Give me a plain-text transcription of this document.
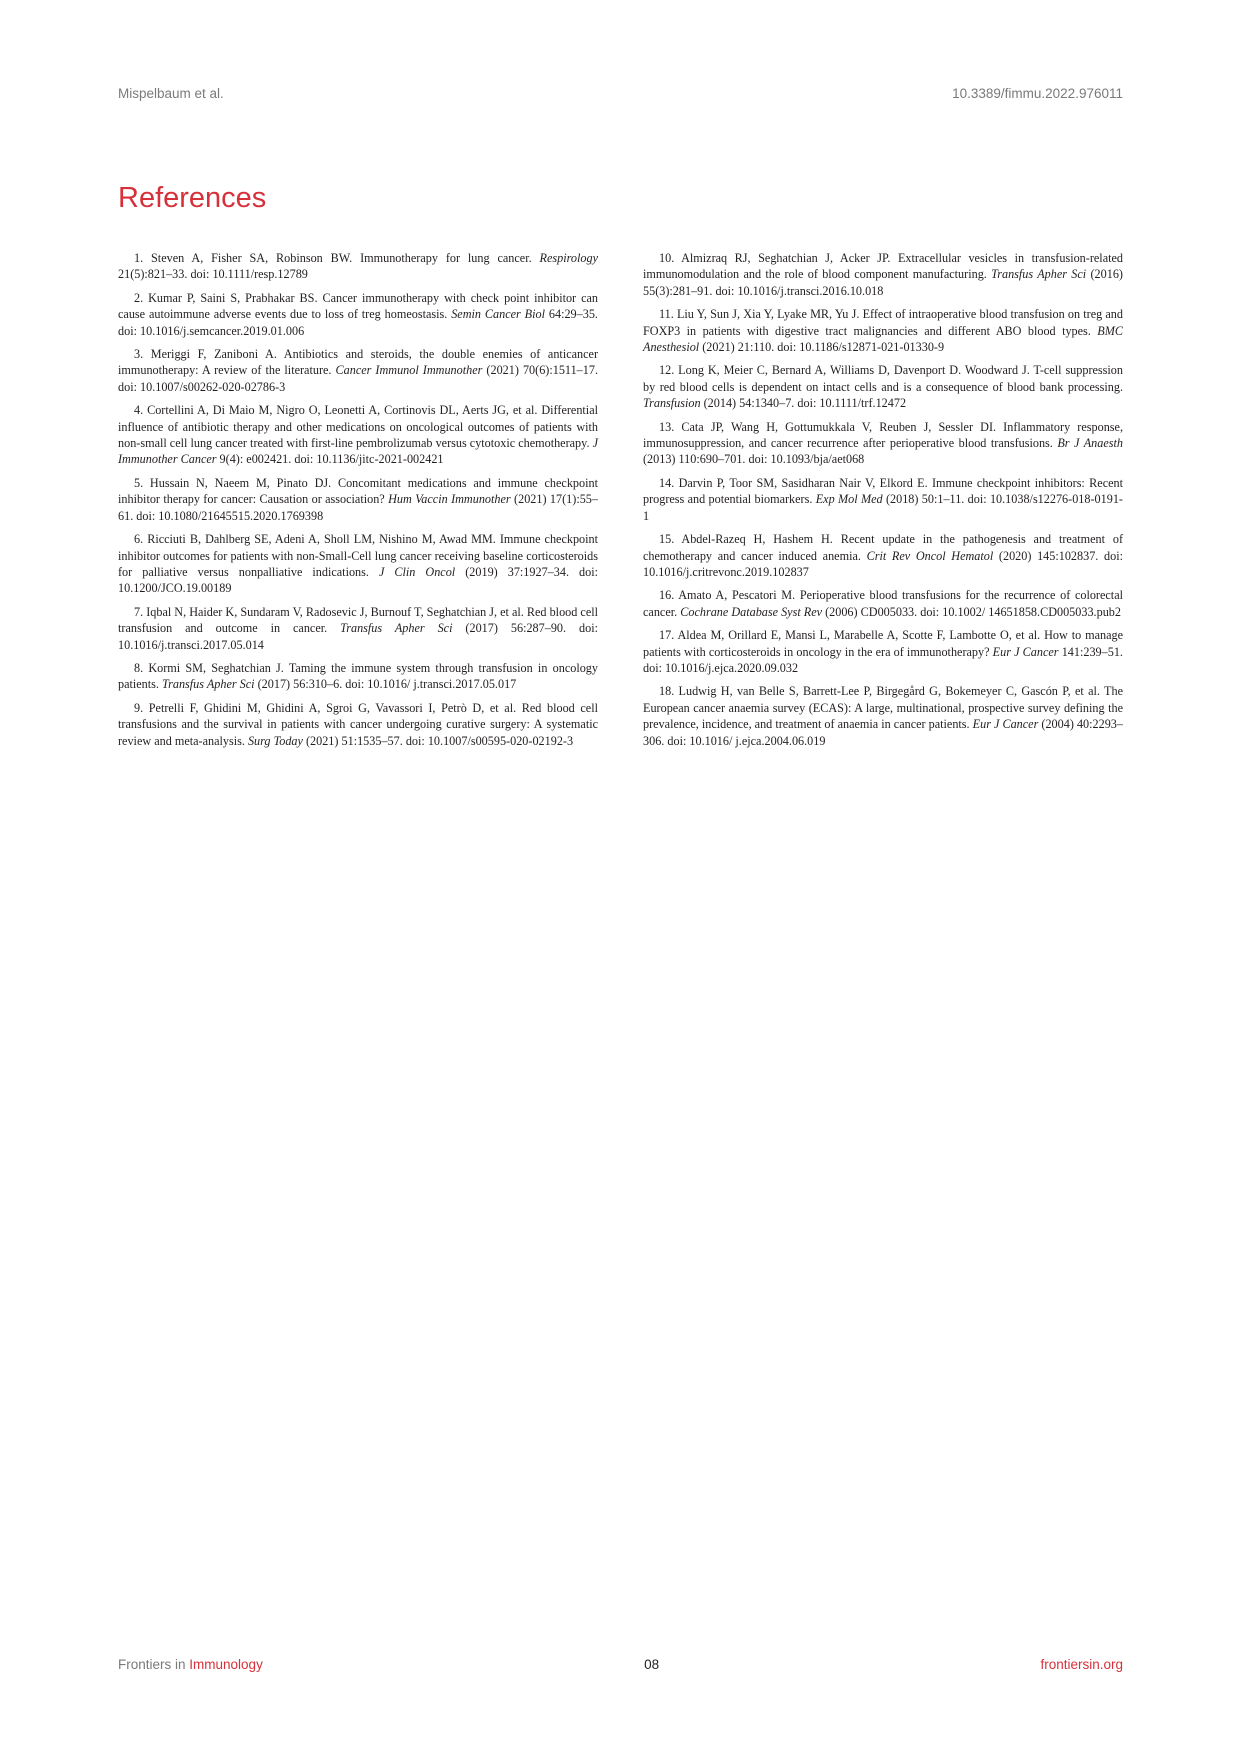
Mispelbaum et al.	10.3389/fimmu.2022.976011
References

1. Steven A, Fisher SA, Robinson BW. Immunotherapy for lung cancer. Respirology 21(5):821–33. doi: 10.1111/resp.12789

2. Kumar P, Saini S, Prabhakar BS. Cancer immunotherapy with check point inhibitor can cause autoimmune adverse events due to loss of treg homeostasis. Semin Cancer Biol 64:29–35. doi: 10.1016/j.semcancer.2019.01.006

3. Meriggi F, Zaniboni A. Antibiotics and steroids, the double enemies of anticancer immunotherapy: A review of the literature. Cancer Immunol Immunother (2021) 70(6):1511–17. doi: 10.1007/s00262-020-02786-3

4. Cortellini A, Di Maio M, Nigro O, Leonetti A, Cortinovis DL, Aerts JG, et al. Differential influence of antibiotic therapy and other medications on oncological outcomes of patients with non-small cell lung cancer treated with first-line pembrolizumab versus cytotoxic chemotherapy. J Immunother Cancer 9(4): e002421. doi: 10.1136/jitc-2021-002421

5. Hussain N, Naeem M, Pinato DJ. Concomitant medications and immune checkpoint inhibitor therapy for cancer: Causation or association? Hum Vaccin Immunother (2021) 17(1):55–61. doi: 10.1080/21645515.2020.1769398

6. Ricciuti B, Dahlberg SE, Adeni A, Sholl LM, Nishino M, Awad MM. Immune checkpoint inhibitor outcomes for patients with non-Small-Cell lung cancer receiving baseline corticosteroids for palliative versus nonpalliative indications. J Clin Oncol (2019) 37:1927–34. doi: 10.1200/JCO.19.00189

7. Iqbal N, Haider K, Sundaram V, Radosevic J, Burnouf T, Seghatchian J, et al. Red blood cell transfusion and outcome in cancer. Transfus Apher Sci (2017) 56:287–90. doi: 10.1016/j.transci.2017.05.014

8. Kormi SM, Seghatchian J. Taming the immune system through transfusion in oncology patients. Transfus Apher Sci (2017) 56:310–6. doi: 10.1016/ j.transci.2017.05.017

9. Petrelli F, Ghidini M, Ghidini A, Sgroi G, Vavassori I, Petrò D, et al. Red blood cell transfusions and the survival in patients with cancer undergoing curative surgery: A systematic review and meta-analysis. Surg Today (2021) 51:1535–57. doi: 10.1007/s00595-020-02192-3

10. Almizraq RJ, Seghatchian J, Acker JP. Extracellular vesicles in transfusion-related immunomodulation and the role of blood component manufacturing. Transfus Apher Sci (2016) 55(3):281–91. doi: 10.1016/j.transci.2016.10.018

11. Liu Y, Sun J, Xia Y, Lyake MR, Yu J. Effect of intraoperative blood transfusion on treg and FOXP3 in patients with digestive tract malignancies and different ABO blood types. BMC Anesthesiol (2021) 21:110. doi: 10.1186/s12871-021-01330-9

12. Long K, Meier C, Bernard A, Williams D, Davenport D. Woodward J. T-cell suppression by red blood cells is dependent on intact cells and is a consequence of blood bank processing. Transfusion (2014) 54:1340–7. doi: 10.1111/trf.12472

13. Cata JP, Wang H, Gottumukkala V, Reuben J, Sessler DI. Inflammatory response, immunosuppression, and cancer recurrence after perioperative blood transfusions. Br J Anaesth (2013) 110:690–701. doi: 10.1093/bja/aet068

14. Darvin P, Toor SM, Sasidharan Nair V, Elkord E. Immune checkpoint inhibitors: Recent progress and potential biomarkers. Exp Mol Med (2018) 50:1–11. doi: 10.1038/s12276-018-0191-1

15. Abdel-Razeq H, Hashem H. Recent update in the pathogenesis and treatment of chemotherapy and cancer induced anemia. Crit Rev Oncol Hematol (2020) 145:102837. doi: 10.1016/j.critrevonc.2019.102837

16. Amato A, Pescatori M. Perioperative blood transfusions for the recurrence of colorectal cancer. Cochrane Database Syst Rev (2006) CD005033. doi: 10.1002/ 14651858.CD005033.pub2

17. Aldea M, Orillard E, Mansi L, Marabelle A, Scotte F, Lambotte O, et al. How to manage patients with corticosteroids in oncology in the era of immunotherapy? Eur J Cancer 141:239–51. doi: 10.1016/j.ejca.2020.09.032

18. Ludwig H, van Belle S, Barrett-Lee P, Birgegård G, Bokemeyer C, Gascón P, et al. The European cancer anaemia survey (ECAS): A large, multinational, prospective survey defining the prevalence, incidence, and treatment of anaemia in cancer patients. Eur J Cancer (2004) 40:2293–306. doi: 10.1016/ j.ejca.2004.06.019

Frontiers in Immunology	08	frontiersin.org
